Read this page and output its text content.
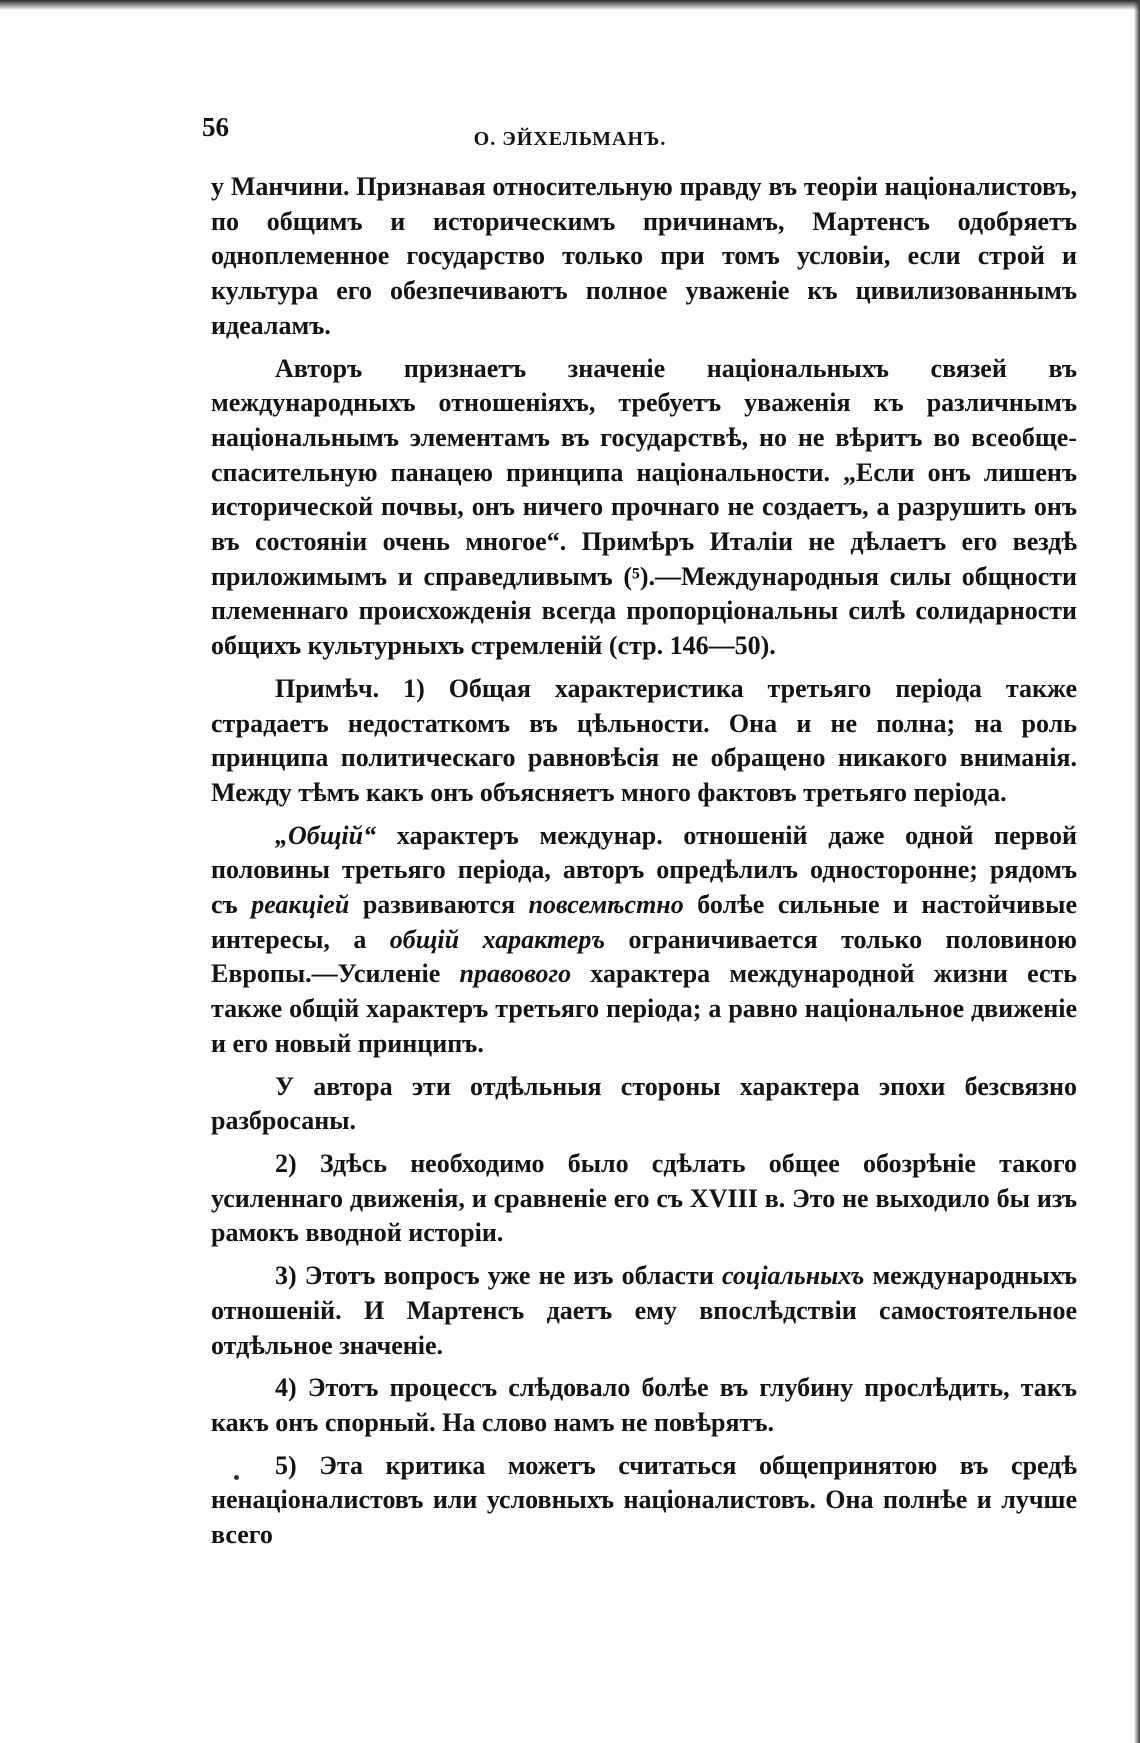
56	О. ЭЙХЕЛЬМАНЪ.

у Манчини. Признавая относительную правду въ теоріи націоналистовъ, по общимъ и историческимъ причинамъ, Мартенсъ одобряетъ одноплеменное государство только при томъ условіи, если строй и культура его обезпечиваютъ полное уваженіе къ цивилизованнымъ идеаламъ.

Авторъ признаетъ значеніе національныхъ связей въ международныхъ отношеніяхъ, требуетъ уваженія къ различнымъ національнымъ элементамъ въ государствѣ, но не вѣритъ во всеобще-спасительную панацею принципа національности. „Если онъ лишенъ исторической почвы, онъ ничего прочнаго не создаетъ, а разрушить онъ въ состояніи очень многое“. Примѣръ Италіи не дѣлаетъ его вездѣ приложимымъ и справедливымъ (⁵).—Международныя силы общности племеннаго происхожденія всегда пропорціональны силѣ солидарности общихъ культурныхъ стремленій (стр. 146—50).

Примѣч. 1) Общая характеристика третьяго періода также страдаетъ недостаткомъ въ цѣльности. Она и не полна; на роль принципа политическаго равновѣсія не обращено никакого вниманія. Между тѣмъ какъ онъ объясняетъ много фактовъ третьяго періода.

„Общій“ характеръ междунар. отношеній даже одной первой половины третьяго періода, авторъ опредѣлилъ односторонне; рядомъ съ реакціей развиваются повсемѣстно болѣе сильные и настойчивые интересы, а общій характеръ ограничивается только половиною Европы.—Усиленіе правового характера международной жизни есть также общій характеръ третьяго періода; а равно національное движеніе и его новый принципъ.

У автора эти отдѣльныя стороны характера эпохи безсвязно разбросаны.

2) Здѣсь необходимо было сдѣлать общее обозрѣніе такого усиленнаго движенія, и сравненіе его съ XVIII в. Это не выходило бы изъ рамокъ вводной исторіи.

3) Этотъ вопросъ уже не изъ области соціальныхъ международныхъ отношеній. И Мартенсъ даетъ ему впослѣдствіи самостоятельное отдѣльное значеніе.

4) Этотъ процессъ слѣдовало болѣе въ глубину прослѣдить, такъ какъ онъ спорный. На слово намъ не повѣрятъ.

5) Эта критика можетъ считаться общепринятою въ средѣ ненаціоналистовъ или условныхъ націоналистовъ. Она полнѣе и лучше всего
